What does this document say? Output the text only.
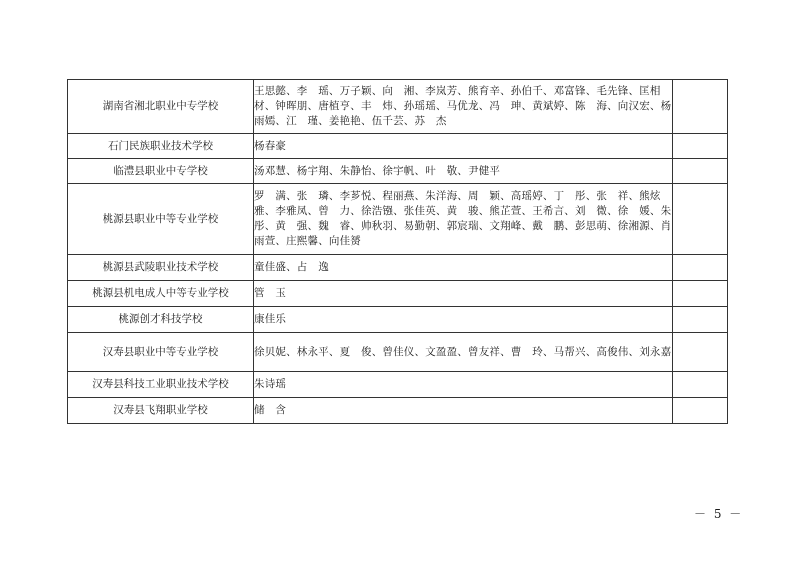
湖南省湘北职业中专学校	王思懿、李　瑶、万子颖、向　湘、李岚芳、熊育辛、孙伯千、邓富锋、毛先锋、匡相材、钟晖朋、唐植亨、丰　炜、孙瑶瑶、马优龙、冯　珅、黄斌婷、陈　海、向汉宏、杨雨嫣、江　瑾、姜艳艳、伍千芸、苏　杰	
石门民族职业技术学校	杨春豪	
临澧县职业中专学校	汤邓慧、杨宇翔、朱静怡、徐宇帆、叶　敬、尹健平	
桃源县职业中等专业学校	罗　满、张　璘、李芗悦、程丽燕、朱洋海、周　颖、高瑶婷、丁　彤、张　祥、熊炫雅、李雅凤、曾　力、徐浩镪、张佳英、黄　骏、熊芷萱、王希言、刘　微、徐　媛、朱　彤、黄　强、魏　睿、帅秋羽、易勤朝、郭宸瑞、文翔峰、戴　鹏、彭思萌、徐湘源、肖雨萱、庄熙馨、向佳赟	
桃源县武陵职业技术学校	童佳盛、占　逸	
桃源县机电成人中等专业学校	管　玉	
桃源创才科技学校	康佳乐	
汉寿县职业中等专业学校	徐贝妮、林永平、夏　俊、曾佳仪、文盈盈、曾友祥、曹　玲、马帮兴、高俊伟、刘永嘉	
汉寿县科技工业职业技术学校	朱诗瑶	
汉寿县飞翔职业学校	储　含	
－ 5 －
